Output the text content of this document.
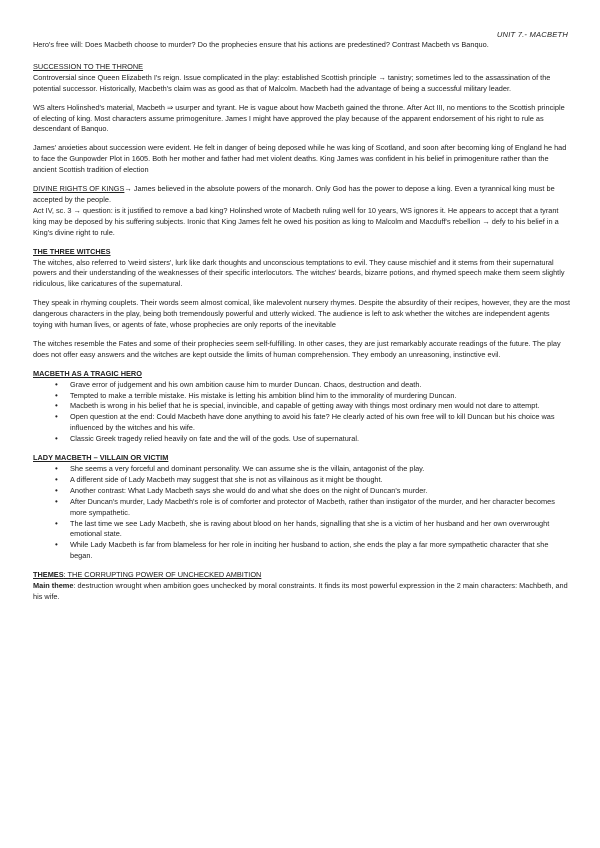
UNIT 7.- MACBETH

Hero's free will: Does Macbeth choose to murder? Do the prophecies ensure that his actions are predestined? Contrast Macbeth vs Banquo.

SUCCESSION TO THE THRONE

Controversial since Queen Elizabeth I's reign. Issue complicated in the play: established Scottish principle → tanistry; sometimes led to the assassination of the potential successor. Historically, Macbeth's claim was as good as that of Malcolm. Macbeth had the advantage of being a successful military leader.

WS alters Holinshed's material, Macbeth ⇒ usurper and tyrant. He is vague about how Macbeth gained the throne. After Act III, no mentions to the Scottish principle of electing of king. Most characters assume primogeniture. James I might have approved the play because of the apparent endorsement of his right to rule as descendant of Banquo.

James' anxieties about succession were evident. He felt in danger of being deposed while he was king of Scotland, and soon after becoming king of England he had to face the Gunpowder Plot in 1605. Both her mother and father had met violent deaths. King James was confident in his belief in primogeniture rather than the ancient Scottish tradition of election

DIVINE RIGHTS OF KINGS→ James believed in the absolute powers of the monarch. Only God has the power to depose a king. Even a tyrannical king must be accepted by the people.

Act IV, sc. 3 → question: is it justified to remove a bad king? Holinshed wrote of Macbeth ruling well for 10 years, WS ignores it. He appears to accept that a tyrant king may be deposed by his suffering subjects. Ironic that King James felt he owed his position as king to Malcolm and Macduff's rebellion → defy to his belief in a King's divine right to rule.

THE THREE WITCHES

The witches, also referred to 'weird sisters', lurk like dark thoughts and unconscious temptations to evil. They cause mischief and it stems from their supernatural powers and their understanding of the weaknesses of their specific interlocutors. The witches' beards, bizarre potions, and rhymed speech make them seem slightly ridiculous, like caricatures of the supernatural.

They speak in rhyming couplets. Their words seem almost comical, like malevolent nursery rhymes. Despite the absurdity of their recipes, however, they are the most dangerous characters in the play, being both tremendously powerful and utterly wicked. The audience is left to ask whether the witches are independent agents toying with human lives, or agents of fate, whose prophecies are only reports of the inevitable

The witches resemble the Fates and some of their prophecies seem self-fulfilling. In other cases, they are just remarkably accurate readings of the future. The play does not offer easy answers and the witches are kept outside the limits of human comprehension. They embody an unreasoning, instinctive evil.

MACBETH AS A TRAGIC HERO

• Grave error of judgement and his own ambition cause him to murder Duncan. Chaos, destruction and death.
• Tempted to make a terrible mistake. His mistake is letting his ambition blind him to the immorality of murdering Duncan.
• Macbeth is wrong in his belief that he is special, invincible, and capable of getting away with things most ordinary men would not dare to attempt.
• Open question at the end: Could Macbeth have done anything to avoid his fate? He clearly acted of his own free will to kill Duncan but his choice was influenced by the witches and his wife.
• Classic Greek tragedy relied heavily on fate and the will of the gods. Use of supernatural.

LADY MACBETH – VILLAIN OR VICTIM

• She seems a very forceful and dominant personality. We can assume she is the villain, antagonist of the play.
• A different side of Lady Macbeth may suggest that she is not as villainous as it might be thought.
• Another contrast: What Lady Macbeth says she would do and what she does on the night of Duncan's murder.
• After Duncan's murder, Lady Macbeth's role is of comforter and protector of Macbeth, rather than instigator of the murder, and her character becomes more sympathetic.
• The last time we see Lady Macbeth, she is raving about blood on her hands, signalling that she is a victim of her husband and her own overwrought emotional state.
• While Lady Macbeth is far from blameless for her role in inciting her husband to action, she ends the play a far more sympathetic character that she began.

THEMES: THE CORRUPTING POWER OF UNCHECKED AMBITION

Main theme: destruction wrought when ambition goes unchecked by moral constraints. It finds its most powerful expression in the 2 main characters: Machbeth, and his wife.
